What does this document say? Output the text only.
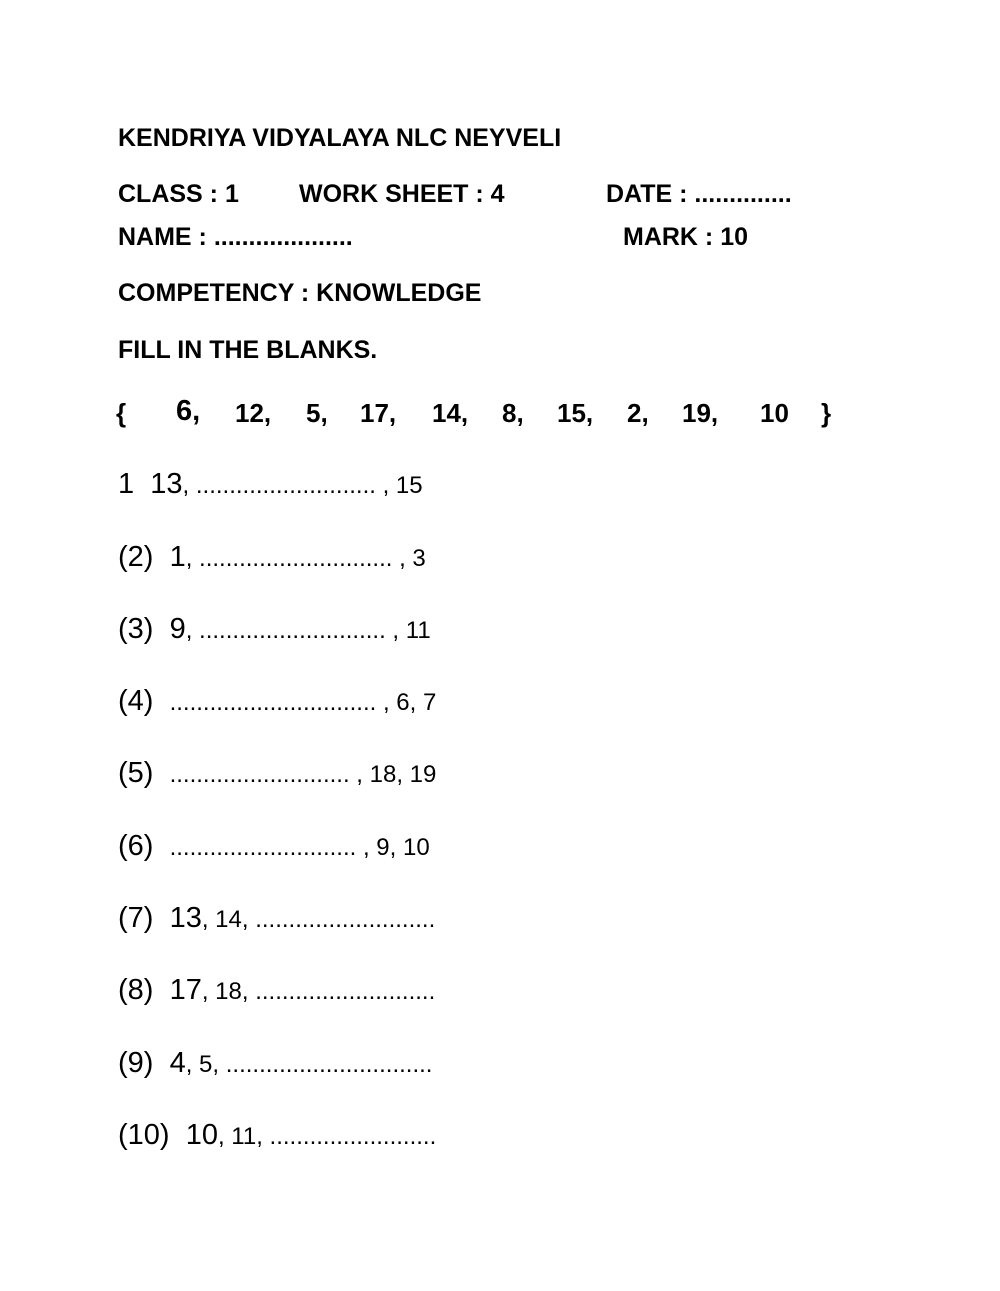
KENDRIYA VIDYALAYA NLC NEYVELI
CLASS : 1 WORK SHEET : 4	DATE : ..............
NAME : ....................	MARK : 10
COMPETENCY : KNOWLEDGE
FILL IN THE BLANKS.
{ 6, 12, 5, 17, 14, 8, 15, 2, 19, 10 }
1 13, ........................... , 15
(2) 1, ............................. , 3
(3) 9, ............................ , 11
(4) ............................... , 6, 7
(5) ........................... , 18, 19
(6) ............................ , 9, 10
(7) 13, 14, ...........................
(8) 17, 18, ...........................
(9) 4, 5, ...............................
(10) 10, 11, .........................
